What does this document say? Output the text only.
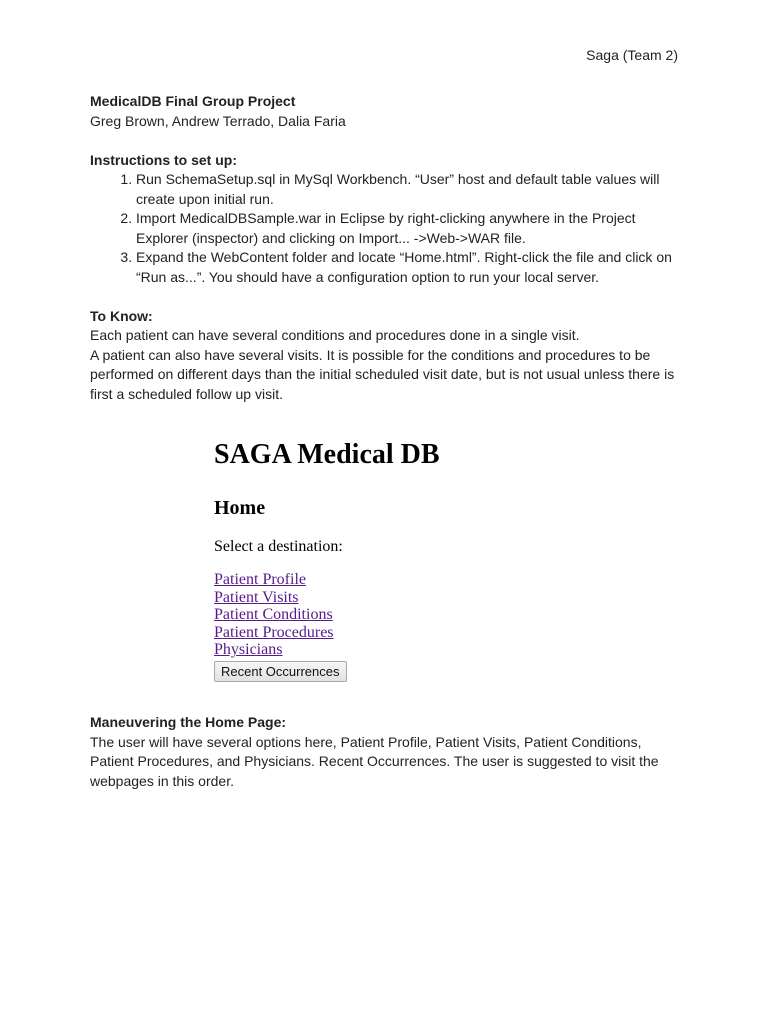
Saga (Team 2)
MedicalDB Final Group Project
Greg Brown, Andrew Terrado, Dalia Faria
Instructions to set up:
1. Run SchemaSetup.sql in MySql Workbench. “User” host and default table values will create upon initial run.
2. Import MedicalDBSample.war in Eclipse by right-clicking anywhere in the Project Explorer (inspector) and clicking on Import... ->Web->WAR file.
3. Expand the WebContent folder and locate “Home.html”. Right-click the file and click on “Run as...”. You should have a configuration option to run your local server.
To Know:
Each patient can have several conditions and procedures done in a single visit.
A patient can also have several visits. It is possible for the conditions and procedures to be performed on different days than the initial scheduled visit date, but is not usual unless there is first a scheduled follow up visit.
SAGA Medical DB
Home

Select a destination:

Patient Profile
Patient Visits
Patient Conditions
Patient Procedures
Physicians
Recent Occurrences
Maneuvering the Home Page:
The user will have several options here, Patient Profile, Patient Visits, Patient Conditions, Patient Procedures, and Physicians. Recent Occurrences. The user is suggested to visit the webpages in this order.
